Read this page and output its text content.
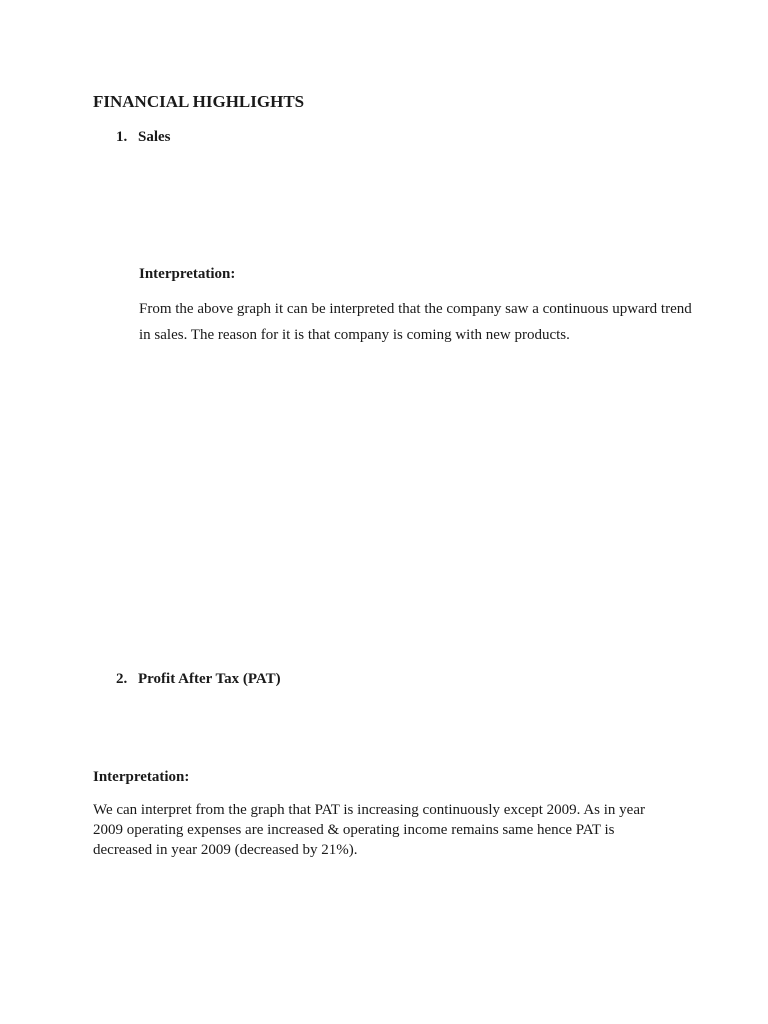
FINANCIAL HIGHLIGHTS
1. Sales
Interpretation:
From the above graph it can be interpreted that the company saw a continuous upward trend in sales. The reason for it is that company is coming with new products.
2. Profit After Tax (PAT)
Interpretation:
We can interpret from the graph that PAT is increasing continuously except 2009. As in year 2009 operating expenses are increased & operating income remains same hence PAT is decreased in year 2009 (decreased by 21%).
